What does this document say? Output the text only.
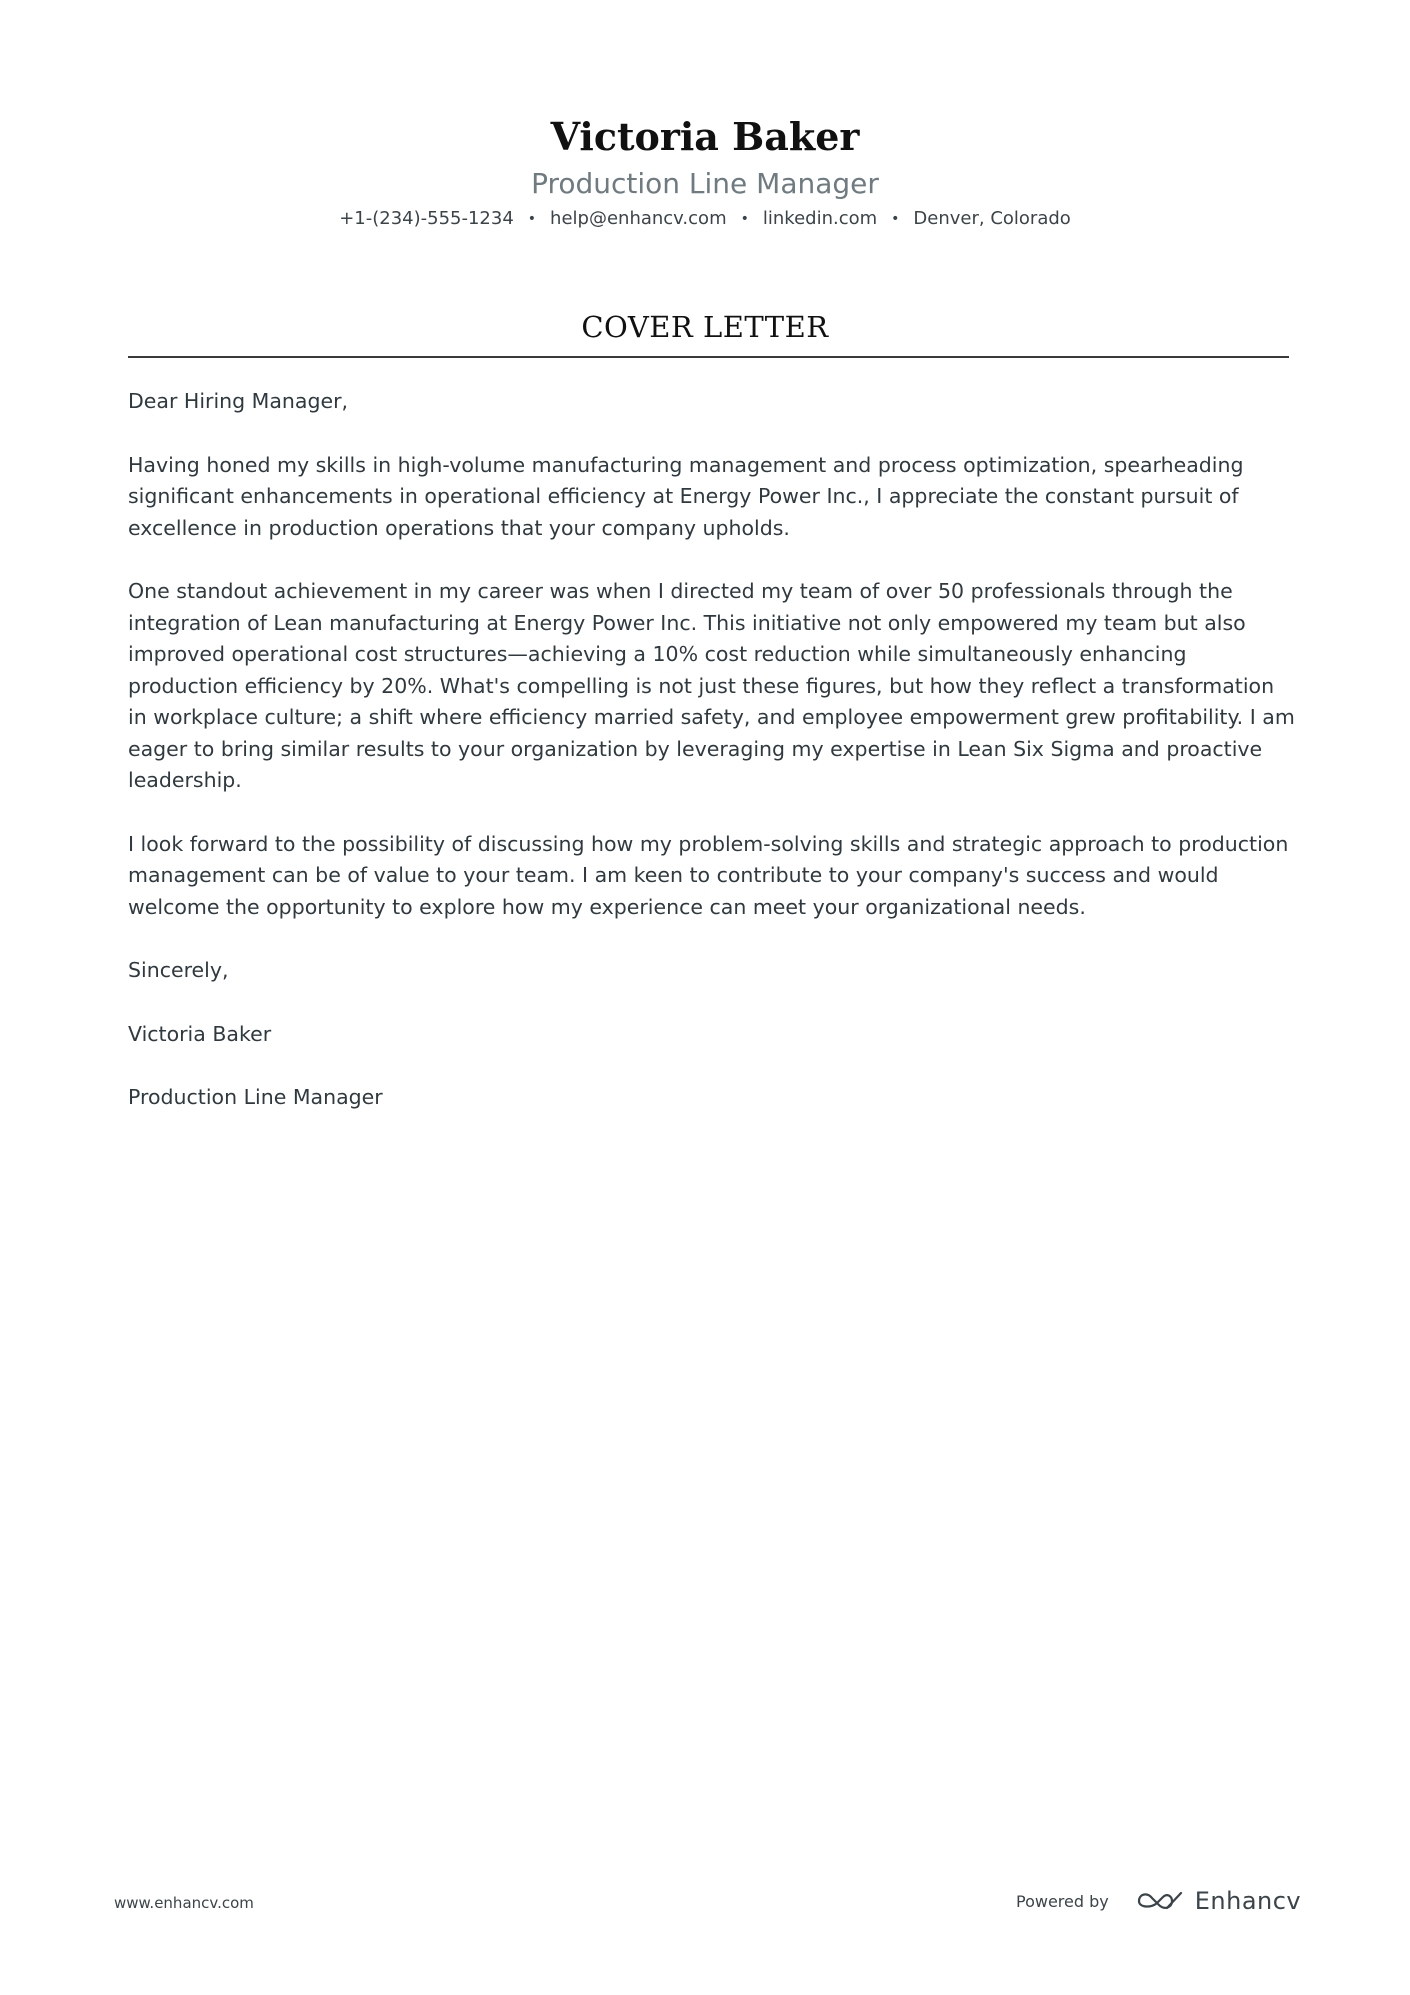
Victoria Baker
Production Line Manager
+1-(234)-555-1234 • help@enhancv.com • linkedin.com • Denver, Colorado
COVER LETTER

Dear Hiring Manager,

Having honed my skills in high-volume manufacturing management and process optimization, spearheading significant enhancements in operational efficiency at Energy Power Inc., I appreciate the constant pursuit of excellence in production operations that your company upholds.

One standout achievement in my career was when I directed my team of over 50 professionals through the integration of Lean manufacturing at Energy Power Inc. This initiative not only empowered my team but also improved operational cost structures—achieving a 10% cost reduction while simultaneously enhancing production efficiency by 20%. What's compelling is not just these figures, but how they reflect a transformation in workplace culture; a shift where efficiency married safety, and employee empowerment grew profitability. I am eager to bring similar results to your organization by leveraging my expertise in Lean Six Sigma and proactive leadership.

I look forward to the possibility of discussing how my problem-solving skills and strategic approach to production management can be of value to your team. I am keen to contribute to your company's success and would welcome the opportunity to explore how my experience can meet your organizational needs.

Sincerely,

Victoria Baker

Production Line Manager

www.enhancv.com	Powered by	Enhancv
